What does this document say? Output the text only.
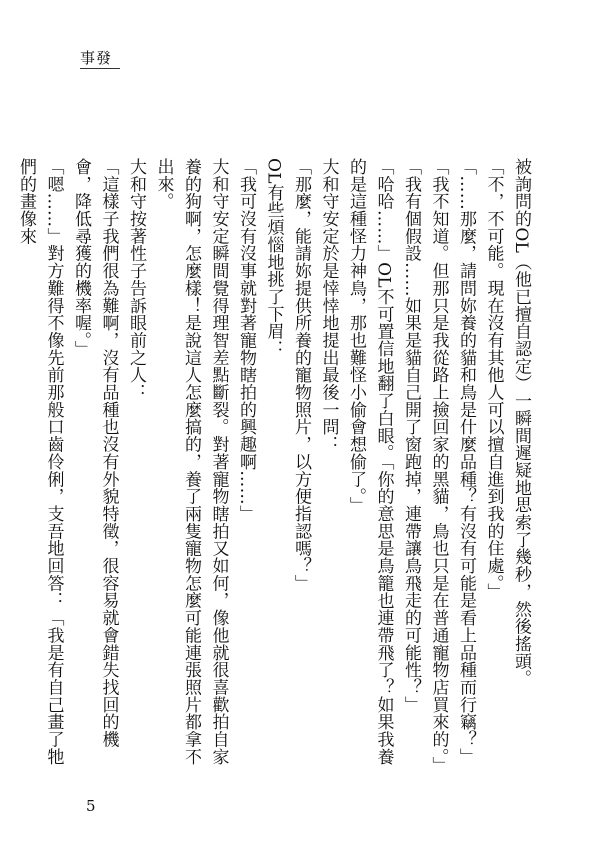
事發

被詢問的OL（他已擅自認定）一瞬間遲疑地思索了幾秒，然後搖頭。

「不，不可能。現在沒有其他人可以擅自進到我的住處。」

「……那麼，請問妳養的貓和鳥是什麼品種？有沒有可能是看上品種而行竊？」

「我不知道。但那只是我從路上撿回家的黑貓，鳥也只是在普通寵物店買來的。」

「我有個假設……如果是貓自己開了窗跑掉，連帶讓鳥飛走的可能性？」

「哈哈……」OL不可置信地翻了白眼。「你的意思是鳥籠也連帶飛了？如果我養的是這種怪力神鳥，那也難怪小偷會想偷了。」

大和守安定於是悻悻地提出最後一問：

「那麼，能請妳提供所養的寵物照片，以方便指認嗎？」

OL有些煩惱地挑了下眉：

「我可沒有沒事就對著寵物瞎拍的興趣啊……」

大和守安定瞬間覺得理智差點斷裂。對著寵物瞎拍又如何，像他就很喜歡拍自家養的狗啊，怎麼樣！是說這人怎麼搞的，養了兩隻寵物怎麼可能連張照片都拿不出來。

大和守按著性子告訴眼前之人：

「這樣子我們很為難啊，沒有品種也沒有外貌特徵，很容易就會錯失找回的機會，降低尋獲的機率喔。」

「嗯……」對方難得不像先前那般口齒伶俐，支吾地回答：「我是有自己畫了牠們的畫像來

5
